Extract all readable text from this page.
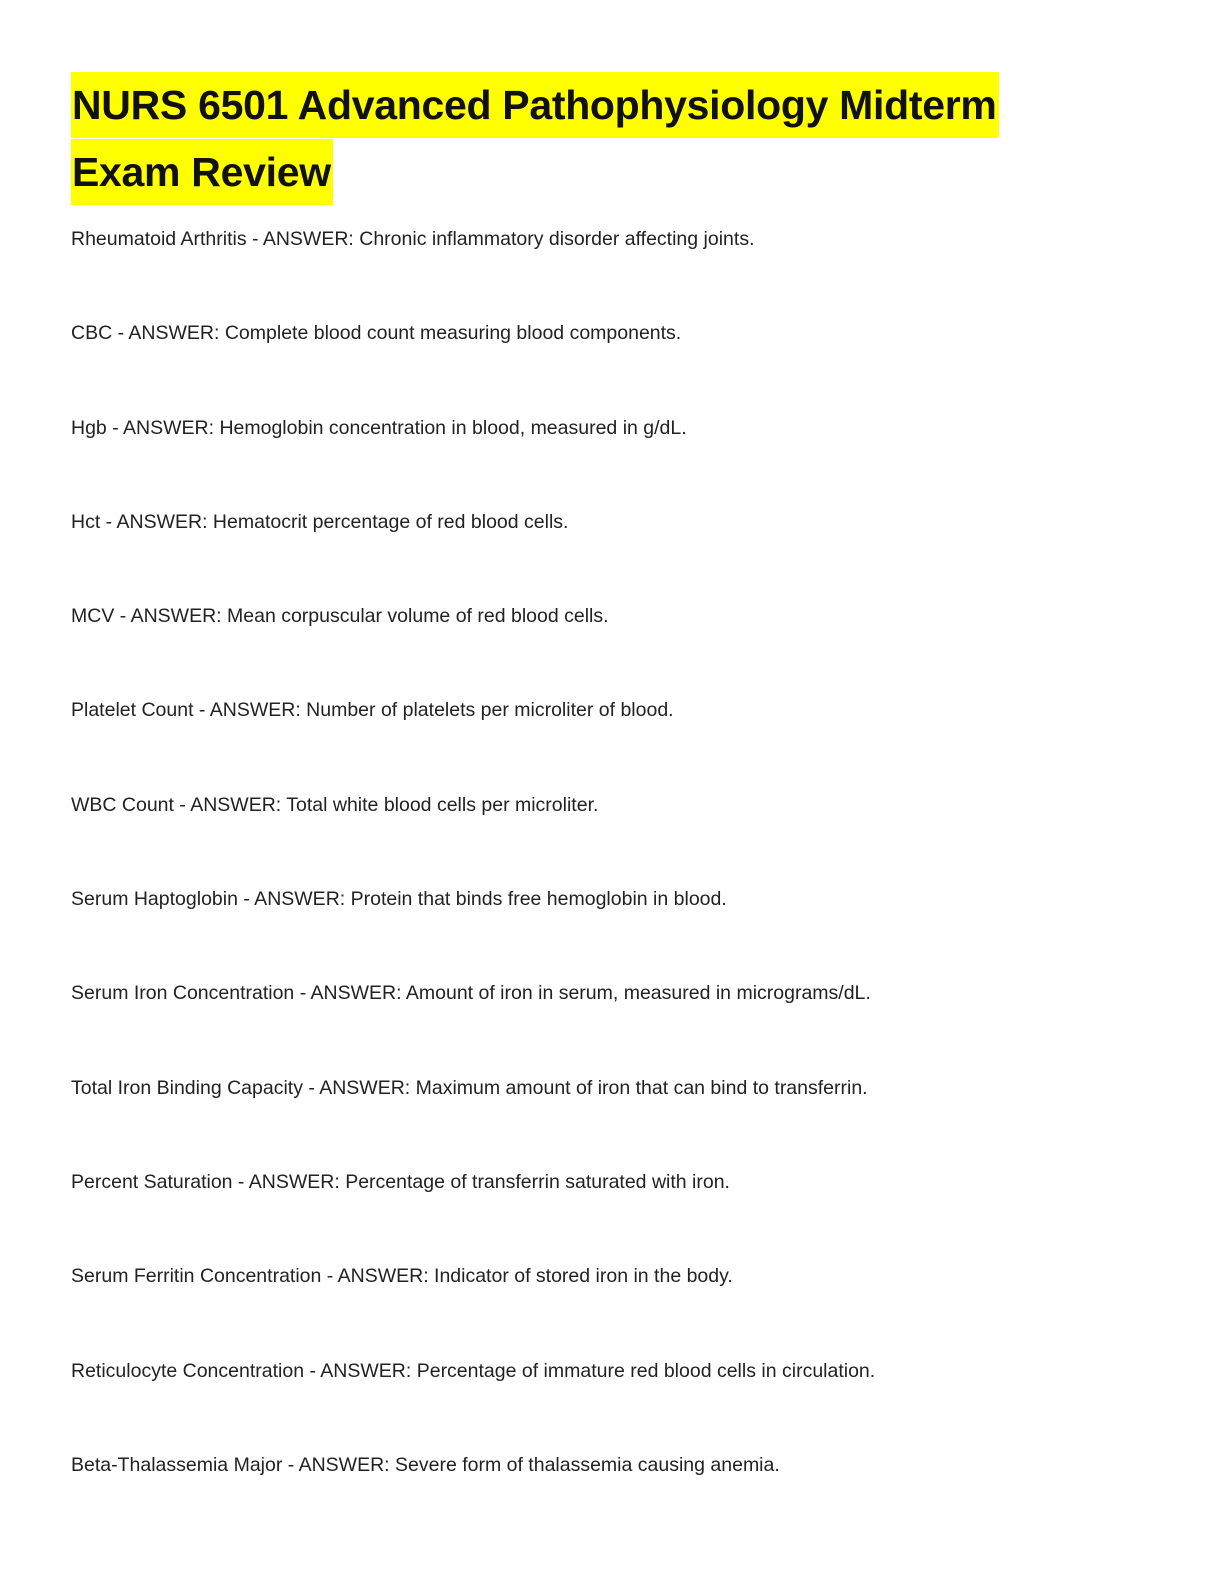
NURS 6501 Advanced Pathophysiology Midterm
Exam Review
Rheumatoid Arthritis - ANSWER: Chronic inflammatory disorder affecting joints.
CBC - ANSWER: Complete blood count measuring blood components.
Hgb - ANSWER: Hemoglobin concentration in blood, measured in g/dL.
Hct - ANSWER: Hematocrit percentage of red blood cells.
MCV - ANSWER: Mean corpuscular volume of red blood cells.
Platelet Count - ANSWER: Number of platelets per microliter of blood.
WBC Count - ANSWER: Total white blood cells per microliter.
Serum Haptoglobin - ANSWER: Protein that binds free hemoglobin in blood.
Serum Iron Concentration - ANSWER: Amount of iron in serum, measured in micrograms/dL.
Total Iron Binding Capacity - ANSWER: Maximum amount of iron that can bind to transferrin.
Percent Saturation - ANSWER: Percentage of transferrin saturated with iron.
Serum Ferritin Concentration - ANSWER: Indicator of stored iron in the body.
Reticulocyte Concentration - ANSWER: Percentage of immature red blood cells in circulation.
Beta-Thalassemia Major - ANSWER: Severe form of thalassemia causing anemia.
